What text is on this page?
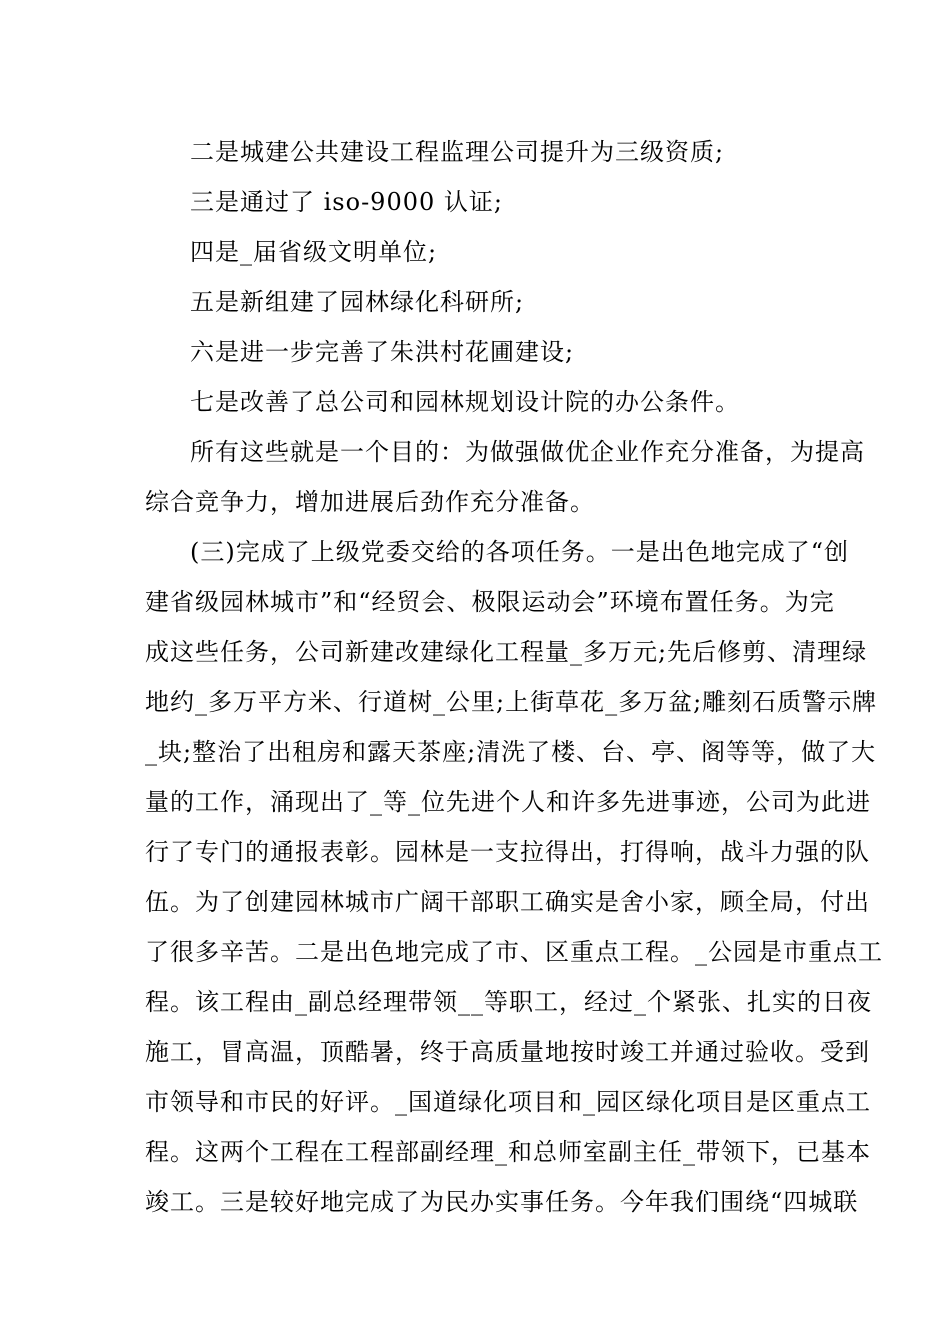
二是城建公共建设工程监理公司提升为三级资质;
三是通过了 iso-9000 认证;
四是_届省级文明单位;
五是新组建了园林绿化科研所;
六是进一步完善了朱洪村花圃建设;
七是改善了总公司和园林规划设计院的办公条件。
所有这些就是一个目的：为做强做优企业作充分准备，为提高
综合竞争力，增加进展后劲作充分准备。
(三)完成了上级党委交给的各项任务。一是出色地完成了“创
建省级园林城市”和“经贸会、极限运动会”环境布置任务。为完
成这些任务，公司新建改建绿化工程量_多万元;先后修剪、清理绿
地约_多万平方米、行道树_公里;上街草花_多万盆;雕刻石质警示牌
_块;整治了出租房和露天茶座;清洗了楼、台、亭、阁等等，做了大
量的工作，涌现出了_等_位先进个人和许多先进事迹，公司为此进
行了专门的通报表彰。园林是一支拉得出，打得响，战斗力强的队
伍。为了创建园林城市广阔干部职工确实是舍小家，顾全局，付出
了很多辛苦。二是出色地完成了市、区重点工程。_公园是市重点工
程。该工程由_副总经理带领__等职工，经过_个紧张、扎实的日夜
施工，冒高温，顶酷暑，终于高质量地按时竣工并通过验收。受到
市领导和市民的好评。_国道绿化项目和_园区绿化项目是区重点工
程。这两个工程在工程部副经理_和总师室副主任_带领下，已基本
竣工。三是较好地完成了为民办实事任务。今年我们围绕“四城联
